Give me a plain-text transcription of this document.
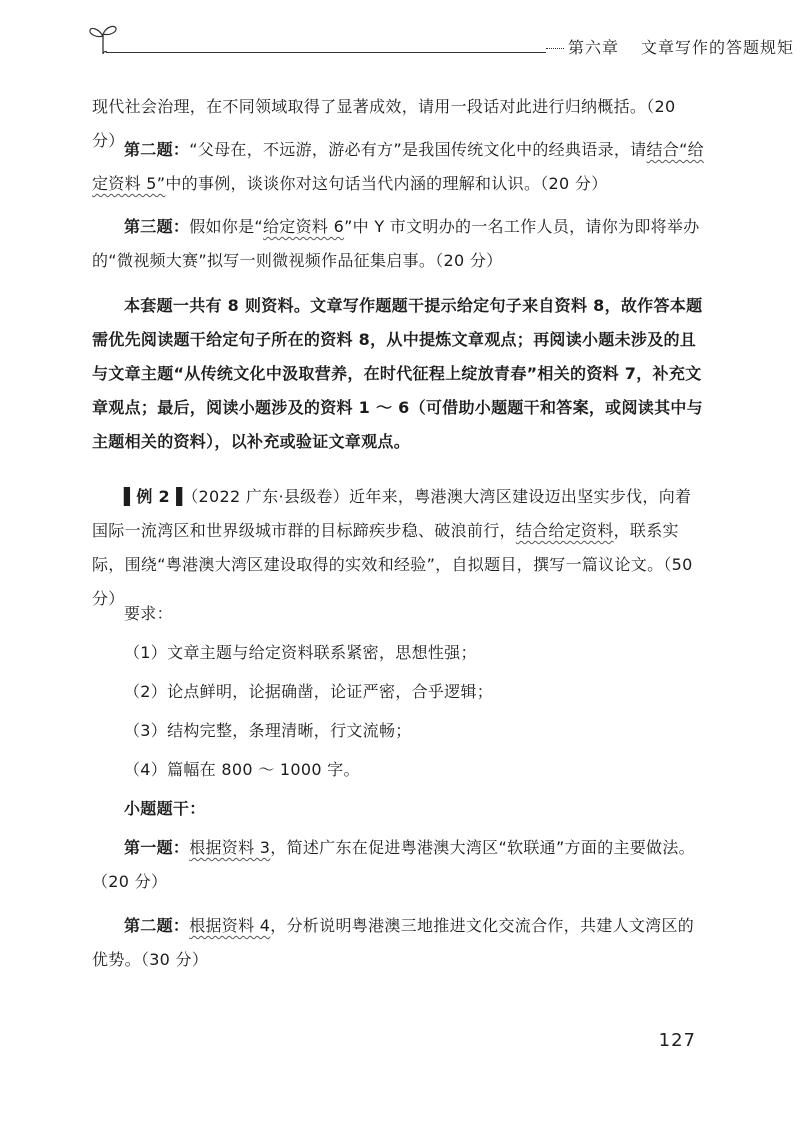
第六章 文章写作的答题规矩
现代社会治理，在不同领域取得了显著成效，请用一段话对此进行归纳概括。（20 分） 第二题：“父母在，不远游，游必有方”是我国传统文化中的经典语录，请结合“给定资料 5”中的事例，谈谈你对这句话当代内涵的理解和认识。（20 分）
第三题：假如你是“给定资料 6”中 Y 市文明办的一名工作人员，请你为即将举办的“微视频大赛”拟写一则微视频作品征集启事。（20 分）
本套题一共有 8 则资料。文章写作题题干提示给定句子来自资料 8，故作答本题需优先阅读题干给定句子所在的资料 8，从中提炼文章观点；再阅读小题未涉及的且与文章主题“从传统文化中汲取营养，在时代征程上绽放青春”相关的资料 7，补充文章观点；最后，阅读小题涉及的资料 1 ～ 6（可借助小题题干和答案，或阅读其中与主题相关的资料），以补充或验证文章观点。
▌例 2▐（2022 广东·县级卷）近年来，粤港澳大湾区建设迈出坚实步伐，向着国际一流湾区和世界级城市群的目标蹄疾步稳、破浪前行，结合给定资料，联系实际，围绕“粤港澳大湾区建设取得的实效和经验”，自拟题目，撰写一篇议论文。（50 分）
要求：
（1）文章主题与给定资料联系紧密，思想性强；
（2）论点鲜明，论据确凿，论证严密，合乎逻辑；
（3）结构完整，条理清晰，行文流畅；
（4）篇幅在 800 ～ 1000 字。
小题题干：
第一题：根据资料 3，简述广东在促进粤港澳大湾区“软联通”方面的主要做法。（20 分）
第二题：根据资料 4，分析说明粤港澳三地推进文化交流合作，共建人文湾区的优势。（30 分）
127
